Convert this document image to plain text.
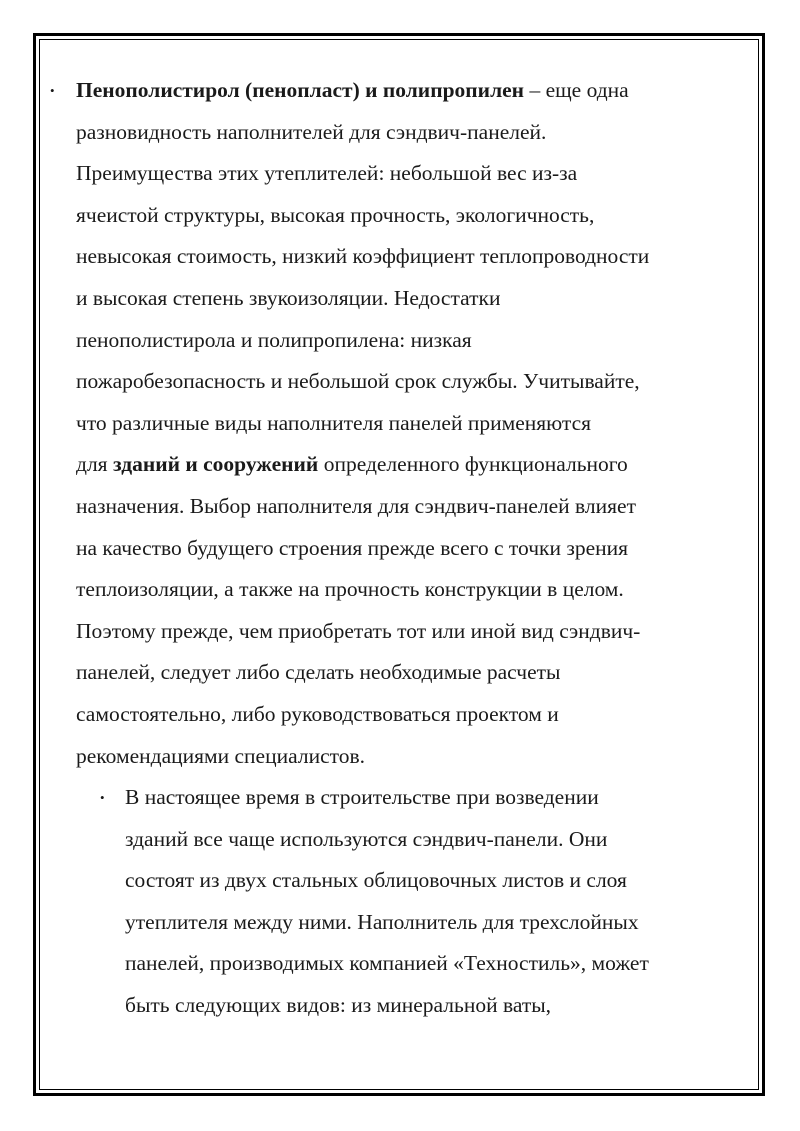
• Пенополистирол (пенопласт) и полипропилен – еще одна
разновидность наполнителей для сэндвич-панелей.
Преимущества этих утеплителей: небольшой вес из-за
ячеистой структуры, высокая прочность, экологичность,
невысокая стоимость, низкий коэффициент теплопроводности
и высокая степень звукоизоляции. Недостатки
пенополистирола и полипропилена: низкая
пожаробезопасность и небольшой срок службы. Учитывайте,
что различные виды наполнителя панелей применяются
для зданий и сооружений определенного функционального
назначения. Выбор наполнителя для сэндвич-панелей влияет
на качество будущего строения прежде всего с точки зрения
теплоизоляции, а также на прочность конструкции в целом.
Поэтому прежде, чем приобретать тот или иной вид сэндвич-
панелей, следует либо сделать необходимые расчеты
самостоятельно, либо руководствоваться проектом и
рекомендациями специалистов.
• В настоящее время в строительстве при возведении
зданий все чаще используются сэндвич-панели. Они
состоят из двух стальных облицовочных листов и слоя
утеплителя между ними. Наполнитель для трехслойных
панелей, производимых компанией «Техностиль», может
быть следующих видов: из минеральной ваты,
